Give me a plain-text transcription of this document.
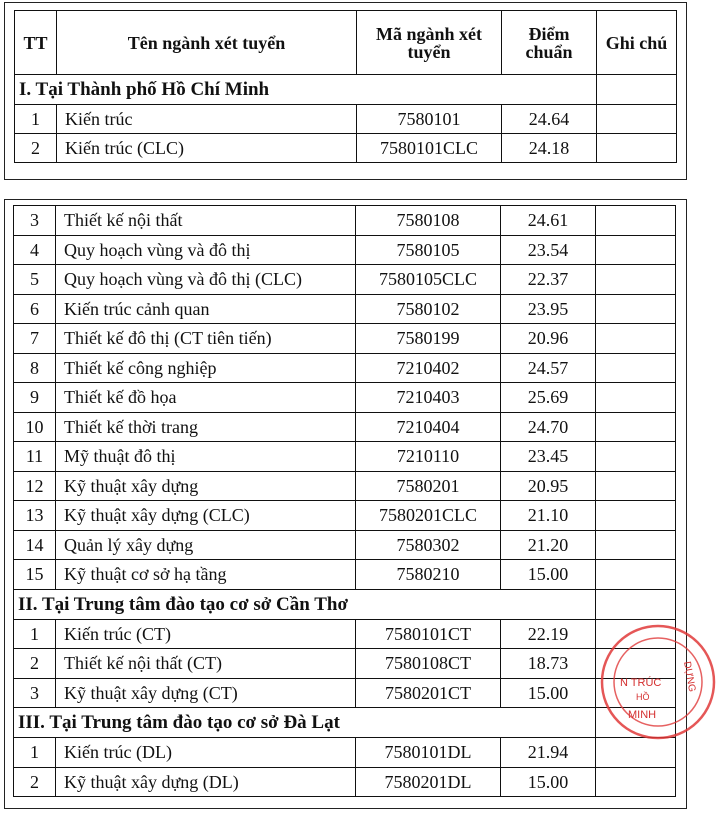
TT	Tên ngành xét tuyển	Mã ngành xét tuyển	Điểm chuẩn	Ghi chú
I. Tại Thành phố Hồ Chí Minh				
1	Kiến trúc	7580101	24.64	
2	Kiến trúc (CLC)	7580101CLC	24.18	
3	Thiết kế nội thất	7580108	24.61	
4	Quy hoạch vùng và đô thị	7580105	23.54	
5	Quy hoạch vùng và đô thị (CLC)	7580105CLC	22.37	
6	Kiến trúc cảnh quan	7580102	23.95	
7	Thiết kế đô thị (CT tiên tiến)	7580199	20.96	
8	Thiết kế công nghiệp	7210402	24.57	
9	Thiết kế đồ họa	7210403	25.69	
10	Thiết kế thời trang	7210404	24.70	
11	Mỹ thuật đô thị	7210110	23.45	
12	Kỹ thuật xây dựng	7580201	20.95	
13	Kỹ thuật xây dựng (CLC)	7580201CLC	21.10	
14	Quản lý xây dựng	7580302	21.20	
15	Kỹ thuật cơ sở hạ tầng	7580210	15.00	
II. Tại Trung tâm đào tạo cơ sở Cần Thơ				
1	Kiến trúc (CT)	7580101CT	22.19	
2	Thiết kế nội thất (CT)	7580108CT	18.73	
3	Kỹ thuật xây dựng (CT)	7580201CT	15.00	
III. Tại Trung tâm đào tạo cơ sở Đà Lạt				
1	Kiến trúc (DL)	7580101DL	21.94	
2	Kỹ thuật xây dựng (DL)	7580201DL	15.00	
N TRÚC
HỒ
MINH
DỰNG
